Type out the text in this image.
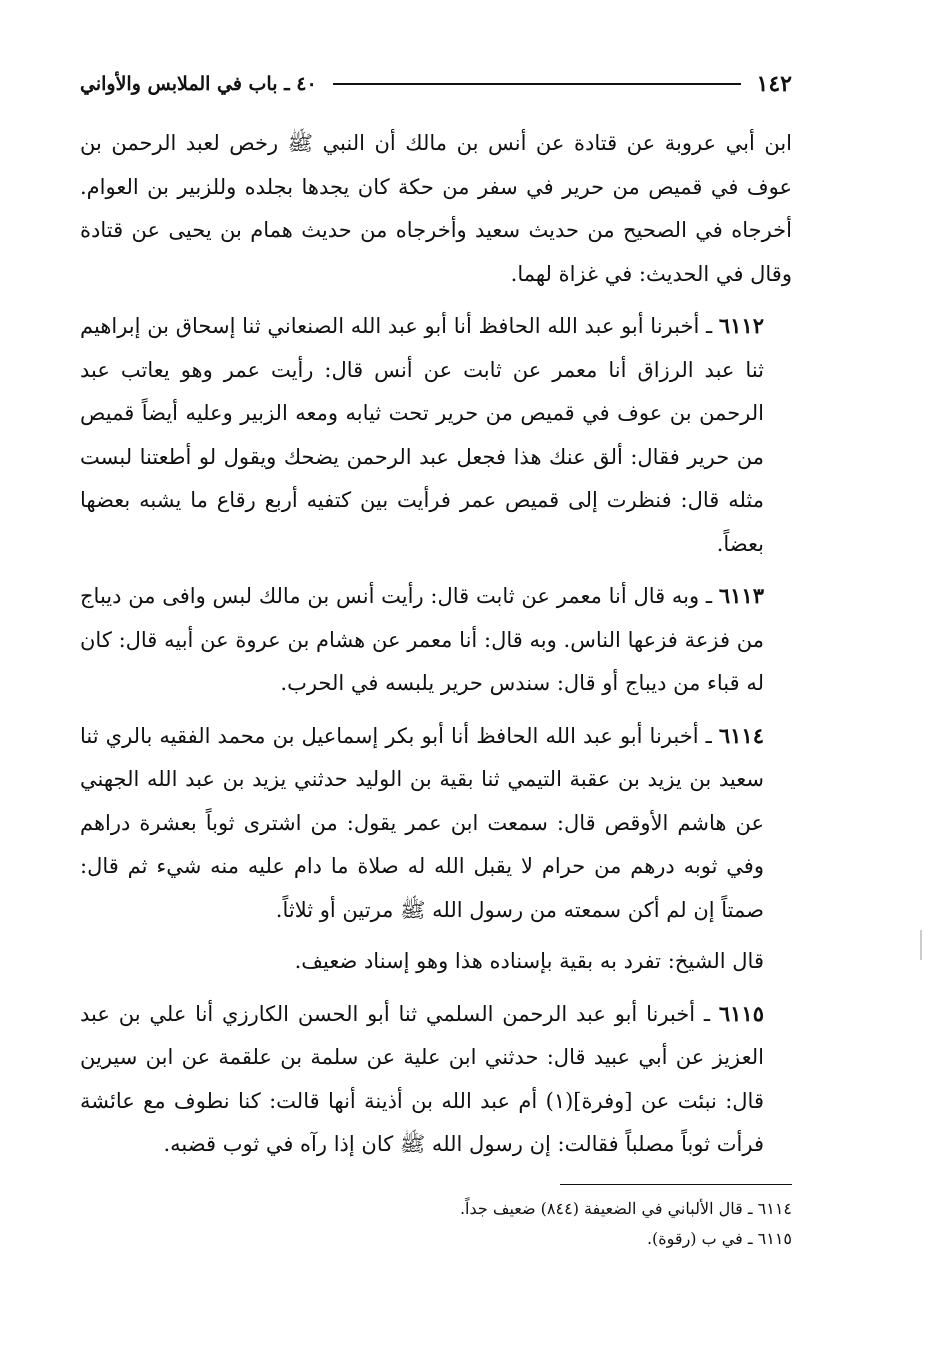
١٤٢
٤٠ ـ باب في الملابس والأواني

ابن أبي عروبة عن قتادة عن أنس بن مالك أن النبي ﷺ رخص لعبد الرحمن بن عوف في قميص من حرير في سفر من حكة كان يجدها بجلده وللزبير بن العوام. أخرجاه في الصحيح من حديث سعيد وأخرجاه من حديث همام بن يحيى عن قتادة وقال في الحديث: في غزاة لهما.

٦١١٢ ـ أخبرنا أبو عبد الله الحافظ أنا أبو عبد الله الصنعاني ثنا إسحاق بن إبراهيم ثنا عبد الرزاق أنا معمر عن ثابت عن أنس قال: رأيت عمر وهو يعاتب عبد الرحمن بن عوف في قميص من حرير تحت ثيابه ومعه الزبير وعليه أيضاً قميص من حرير فقال: ألق عنك هذا فجعل عبد الرحمن يضحك ويقول لو أطعتنا لبست مثله قال: فنظرت إلى قميص عمر فرأيت بين كتفيه أربع رقاع ما يشبه بعضها بعضاً.

٦١١٣ ـ وبه قال أنا معمر عن ثابت قال: رأيت أنس بن مالك لبس وافى من ديباج من فزعة فزعها الناس. وبه قال: أنا معمر عن هشام بن عروة عن أبيه قال: كان له قباء من ديباج أو قال: سندس حرير يلبسه في الحرب.

٦١١٤ ـ أخبرنا أبو عبد الله الحافظ أنا أبو بكر إسماعيل بن محمد الفقيه بالري ثنا سعيد بن يزيد بن عقبة التيمي ثنا بقية بن الوليد حدثني يزيد بن عبد الله الجهني عن هاشم الأوقص قال: سمعت ابن عمر يقول: من اشترى ثوباً بعشرة دراهم وفي ثوبه درهم من حرام لا يقبل الله له صلاة ما دام عليه منه شيء ثم قال: صمتاً إن لم أكن سمعته من رسول الله ﷺ مرتين أو ثلاثاً.

قال الشيخ: تفرد به بقية بإسناده هذا وهو إسناد ضعيف.

٦١١٥ ـ أخبرنا أبو عبد الرحمن السلمي ثنا أبو الحسن الكارزي أنا علي بن عبد العزيز عن أبي عبيد قال: حدثني ابن علية عن سلمة بن علقمة عن ابن سيرين قال: نبئت عن [وفرة](١) أم عبد الله بن أذينة أنها قالت: كنا نطوف مع عائشة فرأت ثوباً مصلباً فقالت: إن رسول الله ﷺ كان إذا رآه في ثوب قضبه.

٦١١٤ ـ قال الألباني في الضعيفة (٨٤٤) ضعيف جداً.

٦١١٥ ـ في ب (رقوة).
